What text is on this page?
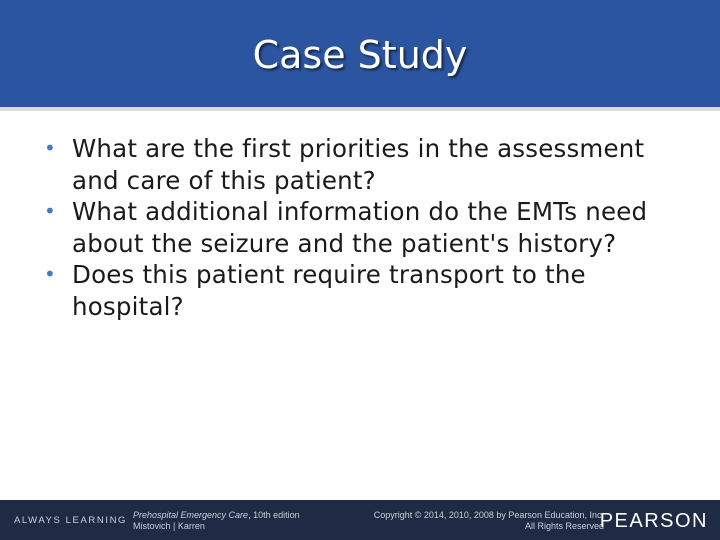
Case Study
• What are the first priorities in the assessment and care of this patient?
• What additional information do the EMTs need about the seizure and the patient's history?
• Does this patient require transport to the hospital?
ALWAYS LEARNING Prehospital Emergency Care, 10th edition
Mistovich | Karren
Copyright © 2014, 2010, 2008 by Pearson Education, Inc.
All Rights Reserved
PEARSON
